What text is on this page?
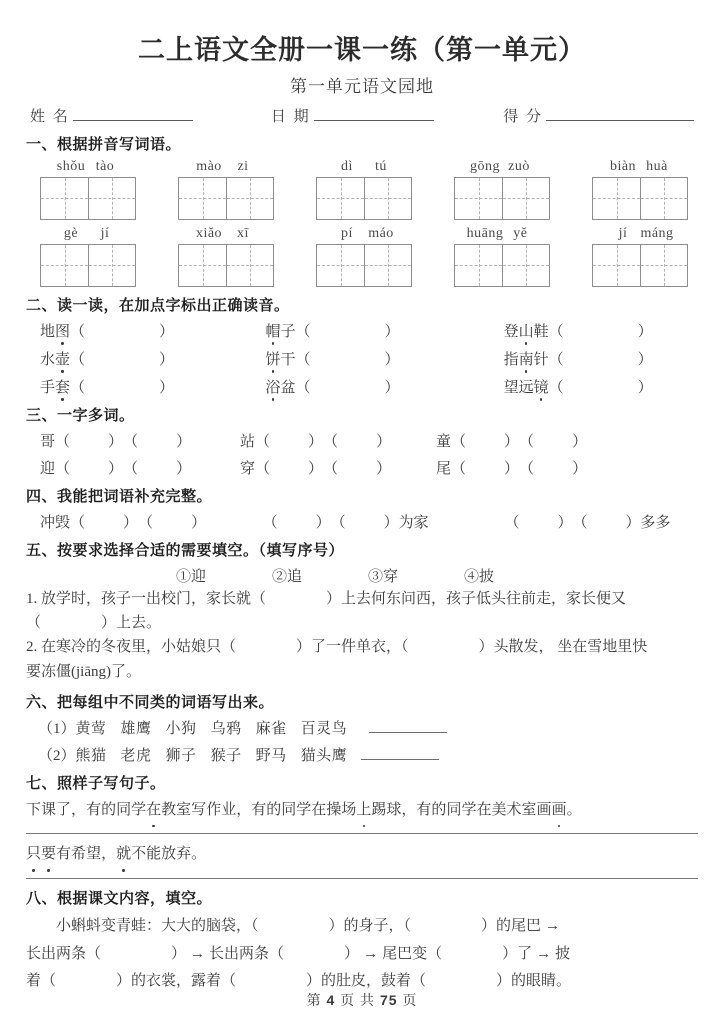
二上语文全册一课一练（第一单元）
第一单元语文园地
姓 名	日 期	得 分
一、根据拼音写词语。
shǒu tào	mào zi	dì tú	gōng zuò	biàn huà
gè jí	xiǎo xī	pí máo	huāng yě	jí máng
二、读一读，在加点字标出正确读音。
地图 （	）	帽子 （	）	登山鞋 （	）
水壶 （	）	饼干 （	）	指南针 （	）
手套 （	）	浴盆 （	）	望远镜 （	）
三、一字多词。
哥 （	） （	）	站 （	） （	）	童 （	） （	）
迎 （	） （	）	穿 （	） （	）	尾 （	） （	）
四、我能把词语补充完整。
冲毁 （	） （	）	（	） （	） 为家	（	） （	） 多多
五、按要求选择合适的需要填空。（填写序号）
①迎	②追	③穿	④披
1. 放学时，孩子一出校门，家长就（	）上去何东问西，孩子低头往前走，家长便又
（	）上去。
2. 在寒冷的冬夜里，小姑娘只（	）了一件单衣，（	）头散发， 坐在雪地里快
要冻僵(jiāng)了。
六、把每组中不同类的词语写出来。
（1） 黄莺 雄鹰 小狗 乌鸦 麻雀 百灵鸟
（2） 熊猫 老虎 狮子 猴子 野马 猫头鹰
七、照样子写句子。
下课了，有的同学在教室写作业，有的同学在操场上踢球，有的同学在美术室画画。
只要有希望，就不能放弃。
八、根据课文内容，填空。
小蝌蚪变青蛙：大大的脑袋，（	）的身子，（	）的尾巴 →
长出两条（	） → 长出两条（	） → 尾巴变（	）了 → 披
着（	）的衣裳，露着（	）的肚皮，鼓着（	）的眼睛。
第 4 页 共 75 页
